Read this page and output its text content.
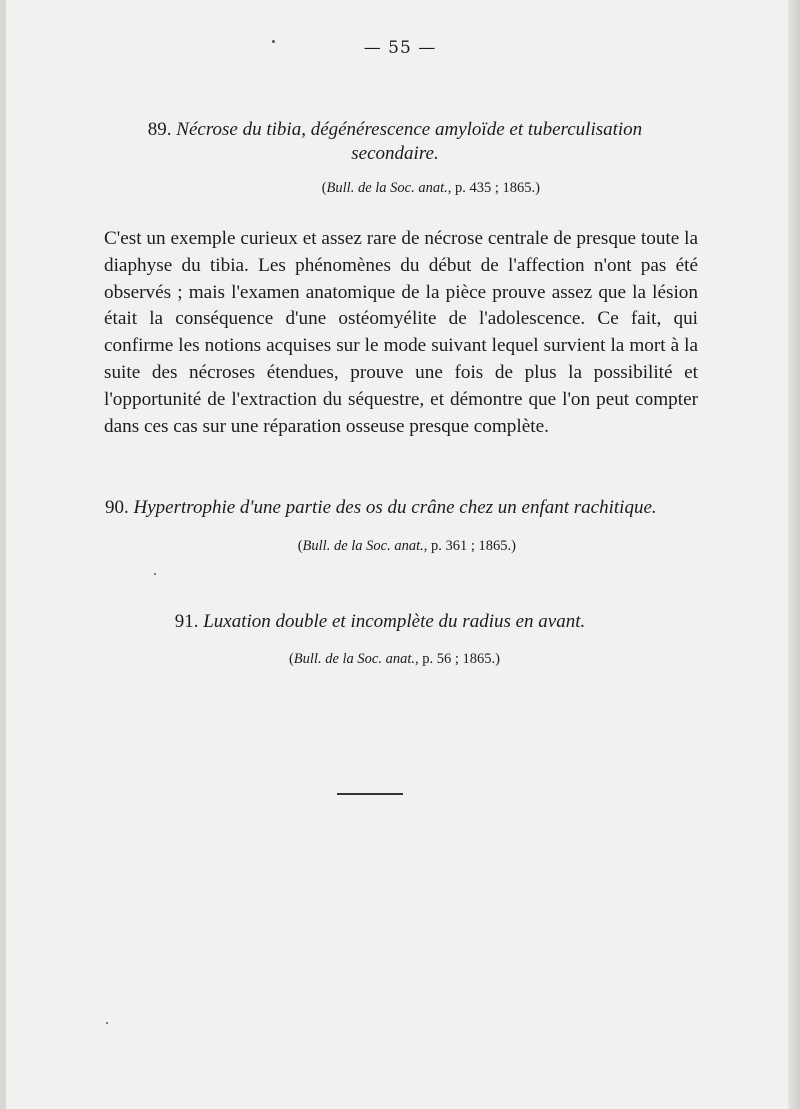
— 55 —
89. Nécrose du tibia, dégénérescence amyloïde et tuberculisation secondaire.
(Bull. de la Soc. anat., p. 435 ; 1865.)

C'est un exemple curieux et assez rare de nécrose centrale de presque toute la diaphyse du tibia. Les phénomènes du début de l'affection n'ont pas été observés ; mais l'examen anatomique de la pièce prouve assez que la lésion était la conséquence d'une ostéomyélite de l'adolescence. Ce fait, qui confirme les notions acquises sur le mode suivant lequel survient la mort à la suite des nécroses étendues, prouve une fois de plus la possibilité et l'opportunité de l'extraction du séquestre, et démontre que l'on peut compter dans ces cas sur une réparation osseuse presque complète.

90. Hypertrophie d'une partie des os du crâne chez un enfant rachitique.
(Bull. de la Soc. anat., p. 361 ; 1865.)
91. Luxation double et incomplète du radius en avant.
(Bull. de la Soc. anat., p. 56 ; 1865.)
